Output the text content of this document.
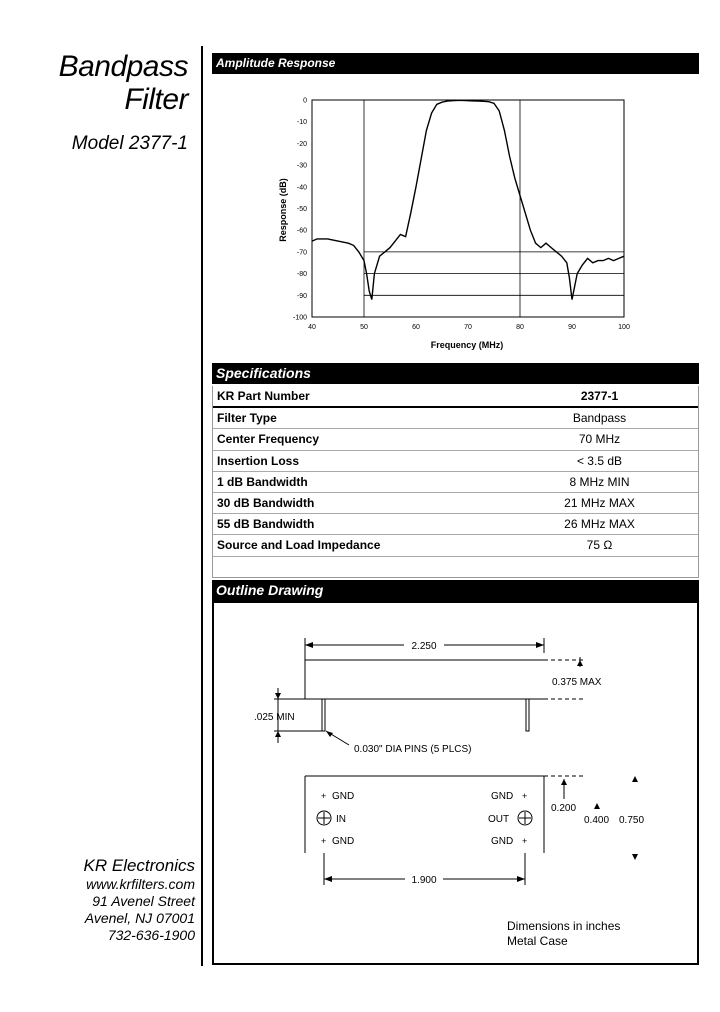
Bandpass
Filter
Model 2377-1
Amplitude Response
40	50	60	70	80	90	100
0
-10
-20
-30
-40
-50
-60
-70
-80
-90
-100
Frequency (MHz)
Response (dB)
Specifications
KR Part Number	2377-1
Filter Type	Bandpass
Center Frequency	70 MHz
Insertion Loss	< 3.5 dB
1 dB Bandwidth	8 MHz MIN
30 dB Bandwidth	21 MHz MAX
55 dB Bandwidth	26 MHz MAX
Source and Load Impedance	75 Ω
Outline Drawing
2.250
0.375 MAX
.025 MIN
0.030" DIA PINS (5 PLCS)
+ GND
IN
+ GND
GND +
OUT
GND +
1.900
0.200
0.400 0.750
Dimensions in inches
Metal Case
KR Electronics
www.krfilters.com
91 Avenel Street
Avenel, NJ 07001
732-636-1900
